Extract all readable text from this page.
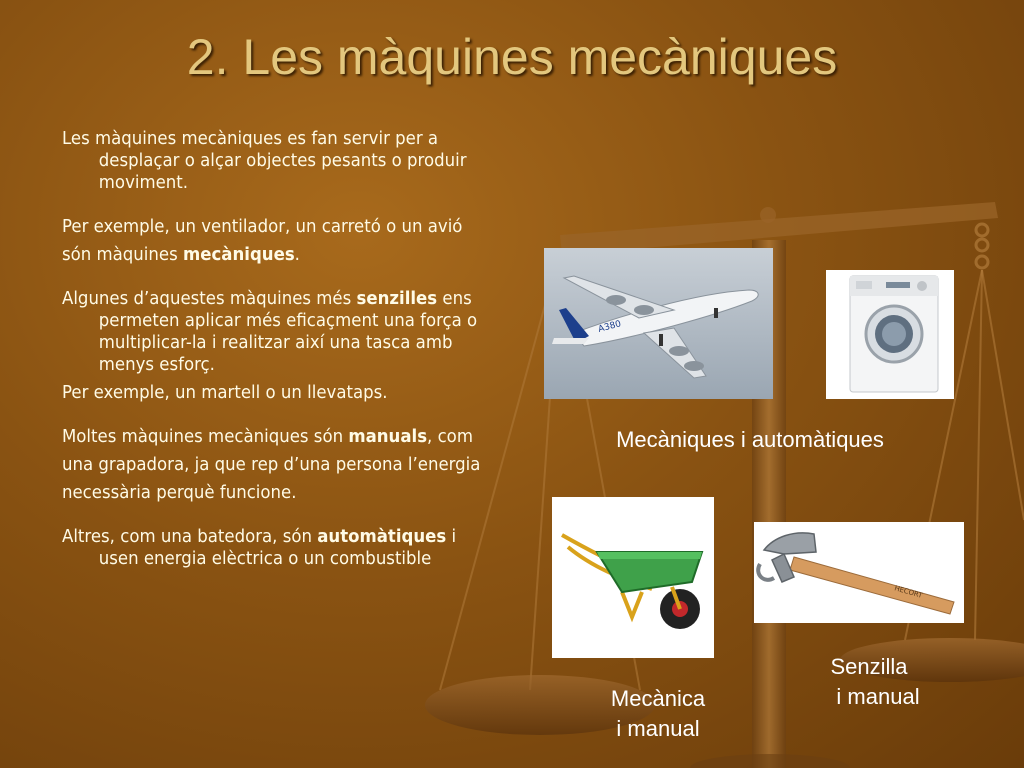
2. Les màquines mecàniques

Les màquines mecàniques es fan servir per a desplaçar o alçar objectes pesants o produir moviment.

Per exemple, un ventilador, un carretó o un avió

són màquines mecàniques.

Algunes d’aquestes màquines més senzilles ens permeten aplicar més eficaçment una força o multiplicar-la i realitzar així una tasca amb menys esforç.

Per exemple, un martell o un llevataps.

Moltes màquines mecàniques són manuals, com

una grapadora, ja que rep d’una persona l’energia

necessària perquè funcione.

Altres, com una batedora, són automàtiques i usen energia elèctrica o un combustible

A380
HECORT
Mecàniques i automàtiques
Mecànica
i manual
Senzilla
i manual
